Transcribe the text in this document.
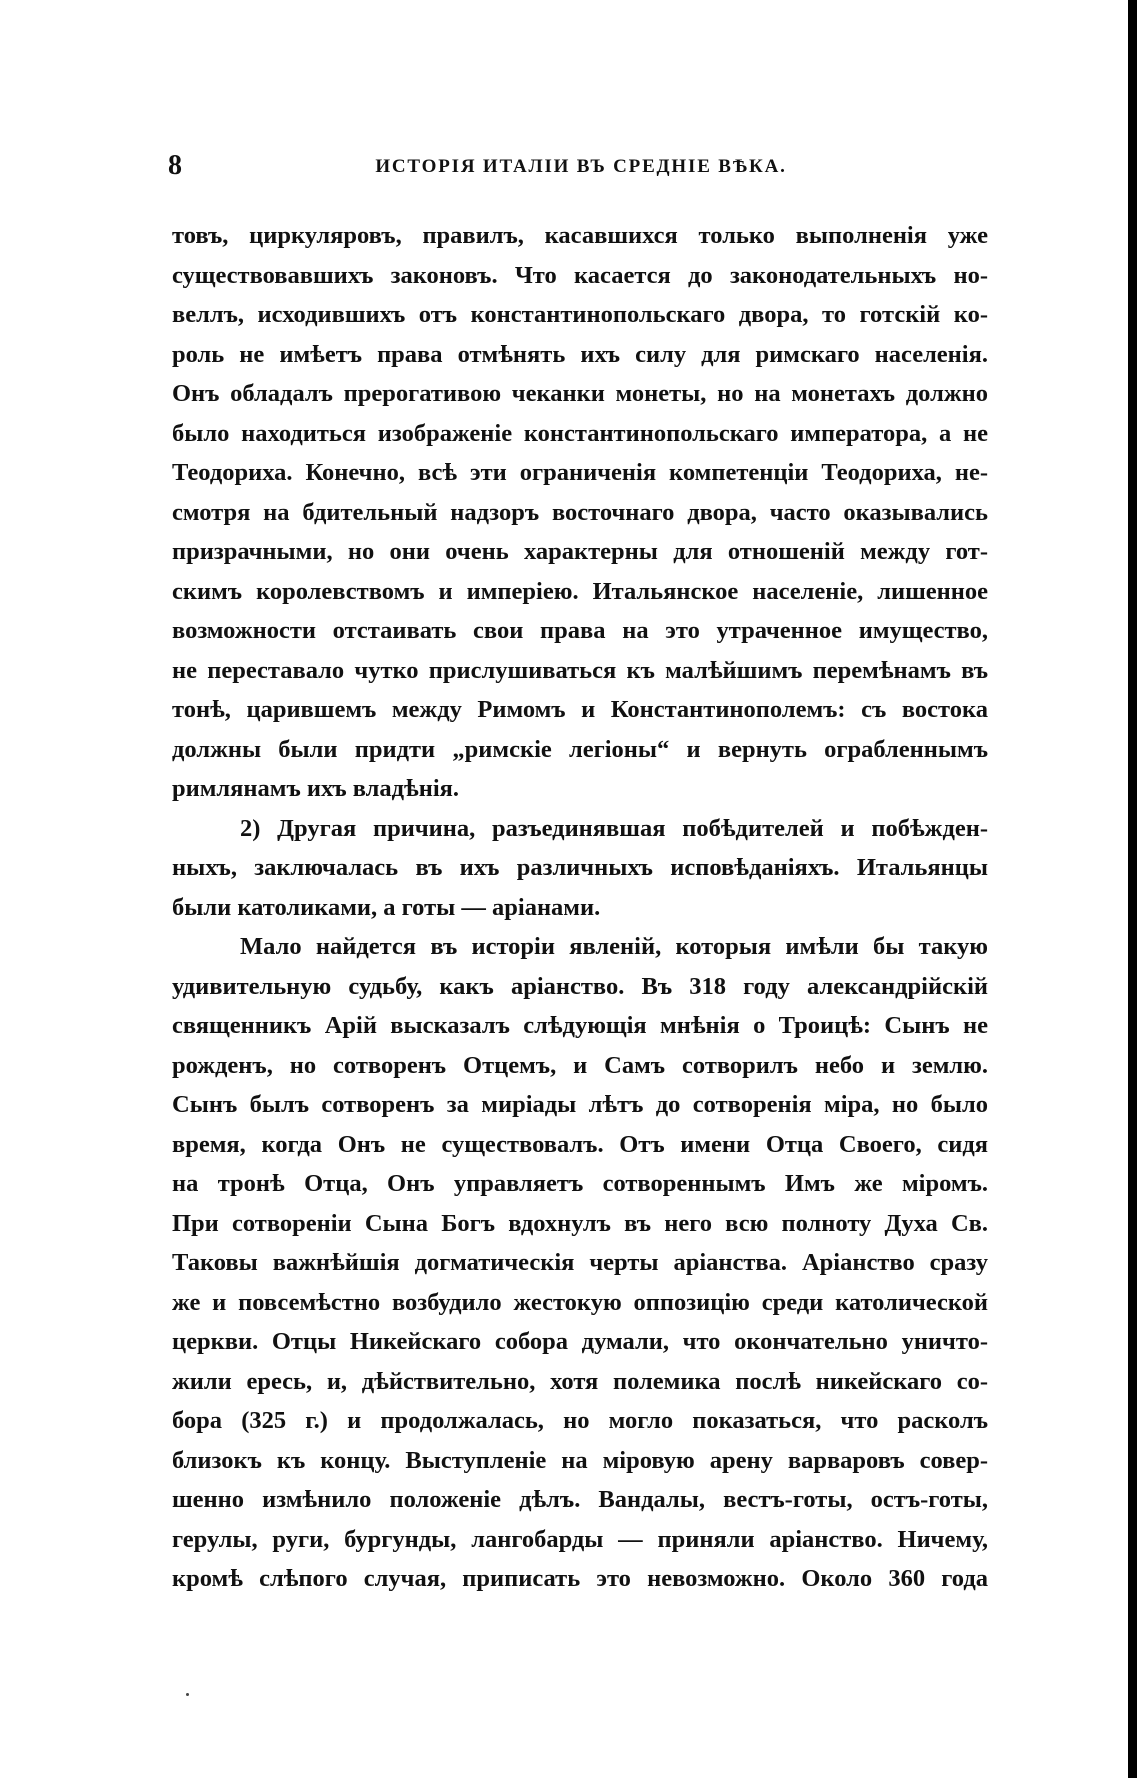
8	ИСТОРІЯ ИТАЛІИ ВЪ СРЕДНІЕ ВѢКА.

товъ, циркуляровъ, правилъ, касавшихся только выполненія уже

существовавшихъ законовъ. Что касается до законодательныхъ но-

веллъ, исходившихъ отъ константинопольскаго двора, то готскій ко-

роль не имѣетъ права отмѣнять ихъ силу для римскаго населенія.

Онъ обладалъ прерогативою чеканки монеты, но на монетахъ должно

было находиться изображеніе константинопольскаго императора, а не

Теодориха. Конечно, всѣ эти ограниченія компетенціи Теодориха, не-

смотря на бдительный надзоръ восточнаго двора, часто оказывались

призрачными, но они очень характерны для отношеній между гот-

скимъ королевствомъ и имперіею. Итальянское населеніе, лишенное

возможности отстаивать свои права на это утраченное имущество,

не переставало чутко прислушиваться къ малѣйшимъ перемѣнамъ въ

тонѣ, царившемъ между Римомъ и Константинополемъ: съ востока

должны были придти „римскіе легіоны“ и вернуть ограбленнымъ

римлянамъ ихъ владѣнія.

2) Другая причина, разъединявшая побѣдителей и побѣжден-

ныхъ, заключалась въ ихъ различныхъ исповѣданіяхъ. Итальянцы

были католиками, а готы — аріанами.

Мало найдется въ исторіи явленій, которыя имѣли бы такую

удивительную судьбу, какъ аріанство. Въ 318 году александрійскій

священникъ Арій высказалъ слѣдующія мнѣнія о Троицѣ: Сынъ не

рожденъ, но сотворенъ Отцемъ, и Самъ сотворилъ небо и землю.

Сынъ былъ сотворенъ за миріады лѣтъ до сотворенія міра, но было

время, когда Онъ не существовалъ. Отъ имени Отца Своего, сидя

на тронѣ Отца, Онъ управляетъ сотвореннымъ Имъ же міромъ.

При сотвореніи Сына Богъ вдохнулъ въ него всю полноту Духа Св.

Таковы важнѣйшія догматическія черты аріанства. Аріанство сразу

же и повсемѣстно возбудило жестокую оппозицію среди католической

церкви. Отцы Никейскаго собора думали, что окончательно уничто-

жили ересь, и, дѣйствительно, хотя полемика послѣ никейскаго со-

бора (325 г.) и продолжалась, но могло показаться, что расколъ

близокъ къ концу. Выступленіе на міровую арену варваровъ совер-

шенно измѣнило положеніе дѣлъ. Вандалы, вестъ-готы, остъ-готы,

герулы, руги, бургунды, лангобарды — приняли аріанство. Ничему,

кромѣ слѣпого случая, приписать это невозможно. Около 360 года
